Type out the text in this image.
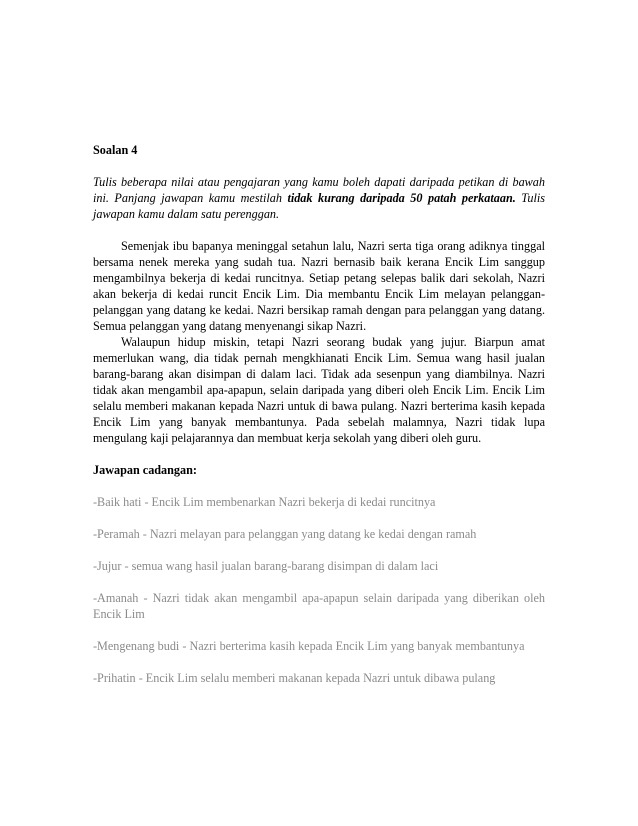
Soalan 4

Tulis beberapa nilai atau pengajaran yang kamu boleh dapati daripada petikan di bawah ini. Panjang jawapan kamu mestilah tidak kurang daripada 50 patah perkataan. Tulis jawapan kamu dalam satu perenggan.

Semenjak ibu bapanya meninggal setahun lalu, Nazri serta tiga orang adiknya tinggal bersama nenek mereka yang sudah tua. Nazri bernasib baik kerana Encik Lim sanggup mengambilnya bekerja di kedai runcitnya. Setiap petang selepas balik dari sekolah, Nazri akan bekerja di kedai runcit Encik Lim. Dia membantu Encik Lim melayan pelanggan-pelanggan yang datang ke kedai. Nazri bersikap ramah dengan para pelanggan yang datang. Semua pelanggan yang datang menyenangi sikap Nazri.

Walaupun hidup miskin, tetapi Nazri seorang budak yang jujur. Biarpun amat memerlukan wang, dia tidak pernah mengkhianati Encik Lim. Semua wang hasil jualan barang-barang akan disimpan di dalam laci. Tidak ada sesenpun yang diambilnya. Nazri tidak akan mengambil apa-apapun, selain daripada yang diberi oleh Encik Lim. Encik Lim selalu memberi makanan kepada Nazri untuk di bawa pulang. Nazri berterima kasih kepada Encik Lim yang banyak membantunya. Pada sebelah malamnya, Nazri tidak lupa mengulang kaji pelajarannya dan membuat kerja sekolah yang diberi oleh guru.

Jawapan cadangan:

-Baik hati - Encik Lim membenarkan Nazri bekerja di kedai runcitnya

-Peramah - Nazri melayan para pelanggan yang datang ke kedai dengan ramah

-Jujur - semua wang hasil jualan barang-barang disimpan di dalam laci

-Amanah - Nazri tidak akan mengambil apa-apapun selain daripada yang diberikan oleh Encik Lim

-Mengenang budi - Nazri berterima kasih kepada Encik Lim yang banyak membantunya

-Prihatin - Encik Lim selalu memberi makanan kepada Nazri untuk dibawa pulang
